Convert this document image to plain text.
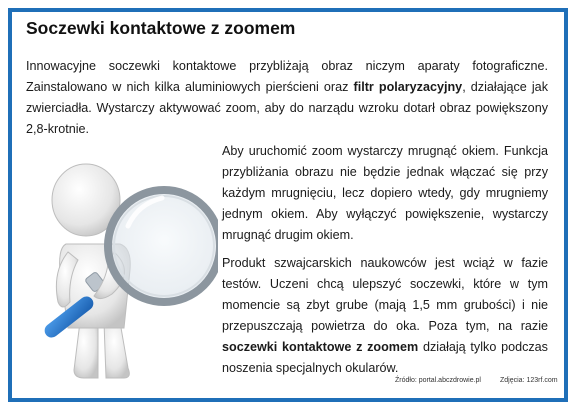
Soczewki kontaktowe z zoomem

Innowacyjne soczewki kontaktowe przybliżają obraz niczym aparaty fotograficzne. Zainstalowano w nich kilka aluminiowych pierścieni oraz filtr polaryzacyjny, działające jak zwierciadła. Wystarczy aktywować zoom, aby do narządu wzroku dotarł obraz powiększony 2,8-krotnie.

Aby uruchomić zoom wystarczy mrugnąć okiem. Funkcja przybliżania obrazu nie będzie jednak włączać się przy każdym mrugnięciu, lecz dopiero wtedy, gdy mrugniemy jednym okiem. Aby wyłączyć powiększenie, wystarczy mrugnąć drugim okiem.

Produkt szwajcarskich naukowców jest wciąż w fazie testów. Uczeni chcą ulepszyć soczewki, które w tym momencie są zbyt grube (mają 1,5 mm grubości) i nie przepuszczają powietrza do oka. Poza tym, na razie soczewki kontaktowe z zoomem działają tylko podczas noszenia specjalnych okularów.

Źródło: portal.abczdrowie.pl	Zdjęcia: 123rf.com
